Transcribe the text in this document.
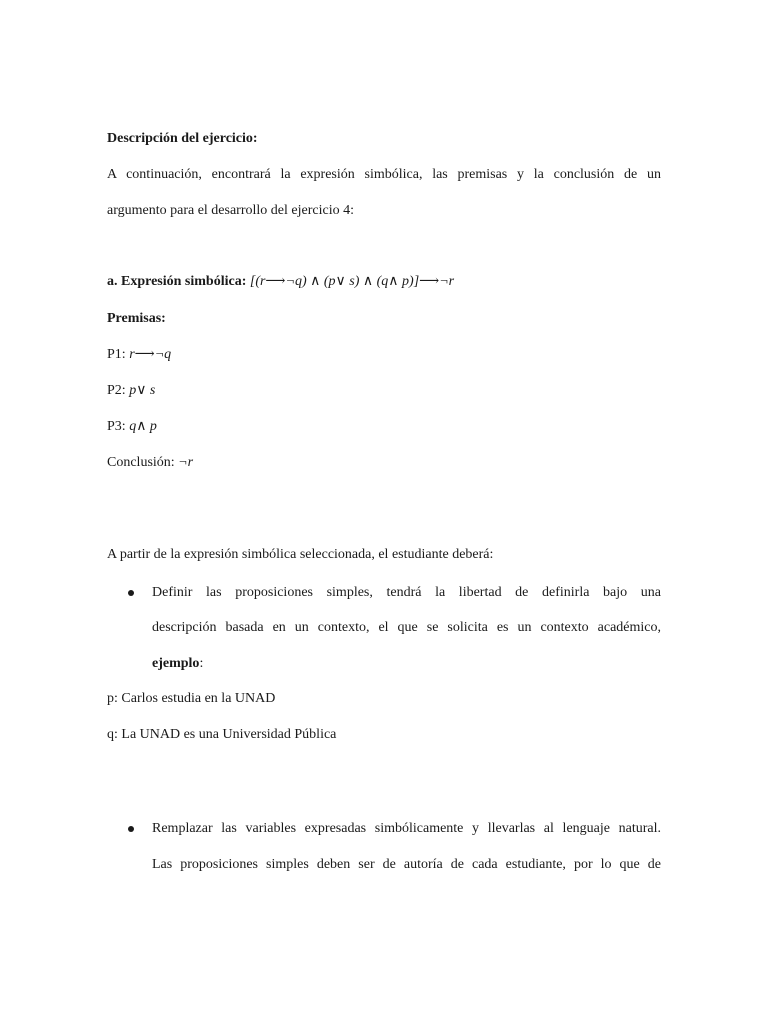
Descripción del ejercicio:
A continuación, encontrará la expresión simbólica, las premisas y la conclusión de un
argumento para el desarrollo del ejercicio 4:
a. Expresión simbólica: [(r⟶¬q) ∧ (p∨ s) ∧ (q∧ p)]⟶¬r
Premisas:
P1: r⟶¬q
P2: p∨ s
P3: q∧ p
Conclusión: ¬r
A partir de la expresión simbólica seleccionada, el estudiante deberá:
Definir las proposiciones simples, tendrá la libertad de definirla bajo una
descripción basada en un contexto, el que se solicita es un contexto académico,
ejemplo:
p: Carlos estudia en la UNAD
q: La UNAD es una Universidad Pública
Remplazar las variables expresadas simbólicamente y llevarlas al lenguaje natural.
Las proposiciones simples deben ser de autoría de cada estudiante, por lo que de
